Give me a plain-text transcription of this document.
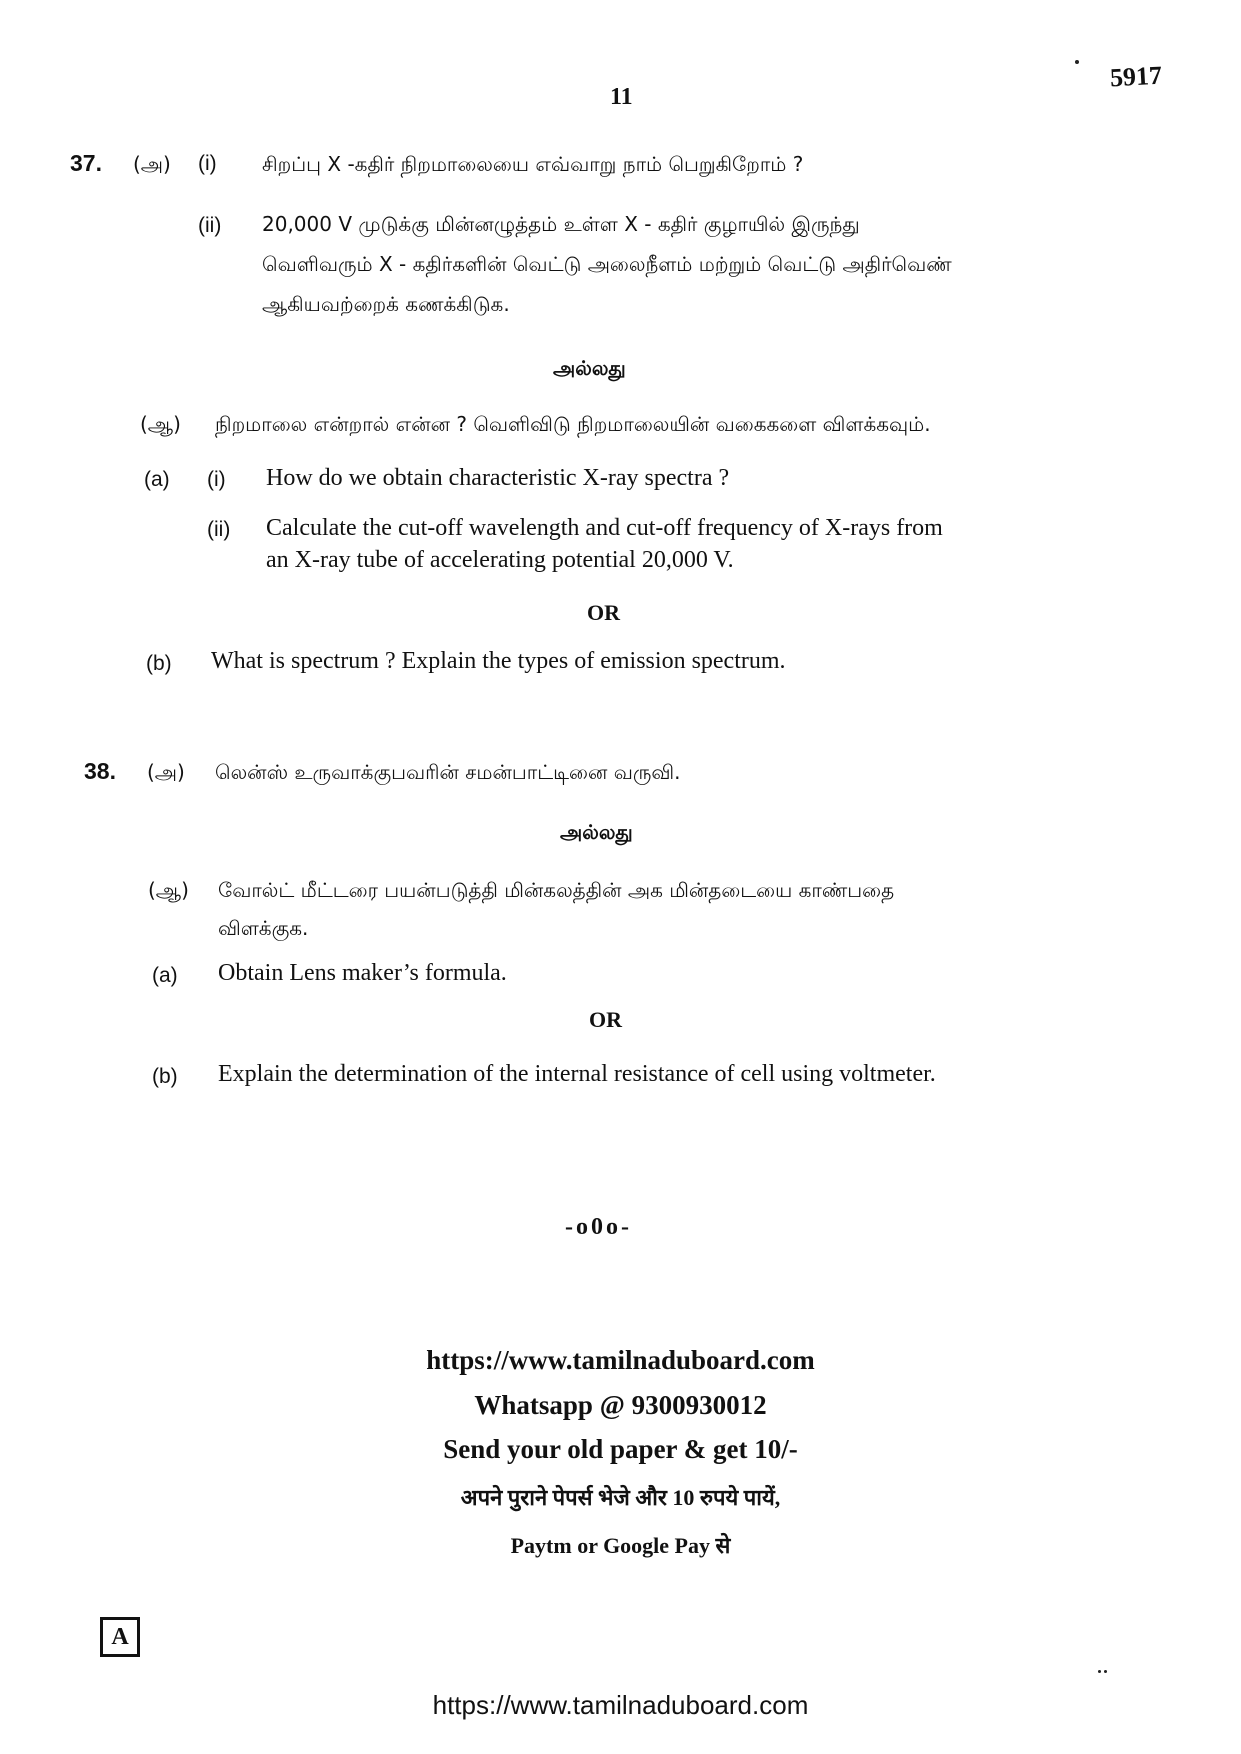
11
5917
37. (அ) (i) சிறப்பு X -கதிர் நிறமாலையை எவ்வாறு நாம் பெறுகிறோம் ?
(ii) 20,000 V முடுக்கு மின்னழுத்தம் உள்ள X - கதிர் குழாயில் இருந்து
வெளிவரும் X - கதிர்களின் வெட்டு அலைநீளம் மற்றும் வெட்டு அதிர்வெண்
ஆகியவற்றைக் கணக்கிடுக.
அல்லது
(ஆ) நிறமாலை என்றால் என்ன ? வெளிவிடு நிறமாலையின் வகைகளை விளக்கவும்.
(a) (i) How do we obtain characteristic X-ray spectra ?
(ii) Calculate the cut-off wavelength and cut-off frequency of X-rays from
an X-ray tube of accelerating potential 20,000 V.
OR
(b) What is spectrum ? Explain the types of emission spectrum.
38. (அ) லென்ஸ் உருவாக்குபவரின் சமன்பாட்டினை வருவி.
அல்லது
(ஆ) வோல்ட் மீட்டரை பயன்படுத்தி மின்கலத்தின் அக மின்தடையை காண்பதை
விளக்குக.
(a) Obtain Lens maker’s formula.
OR
(b) Explain the determination of the internal resistance of cell using voltmeter.
-o0o-
https://www.tamilnaduboard.com
Whatsapp @ 9300930012
Send your old paper & get 10/-
अपने पुराने पेपर्स भेजे और 10 रुपये पायें,
Paytm or Google Pay से
A
https://www.tamilnaduboard.com
